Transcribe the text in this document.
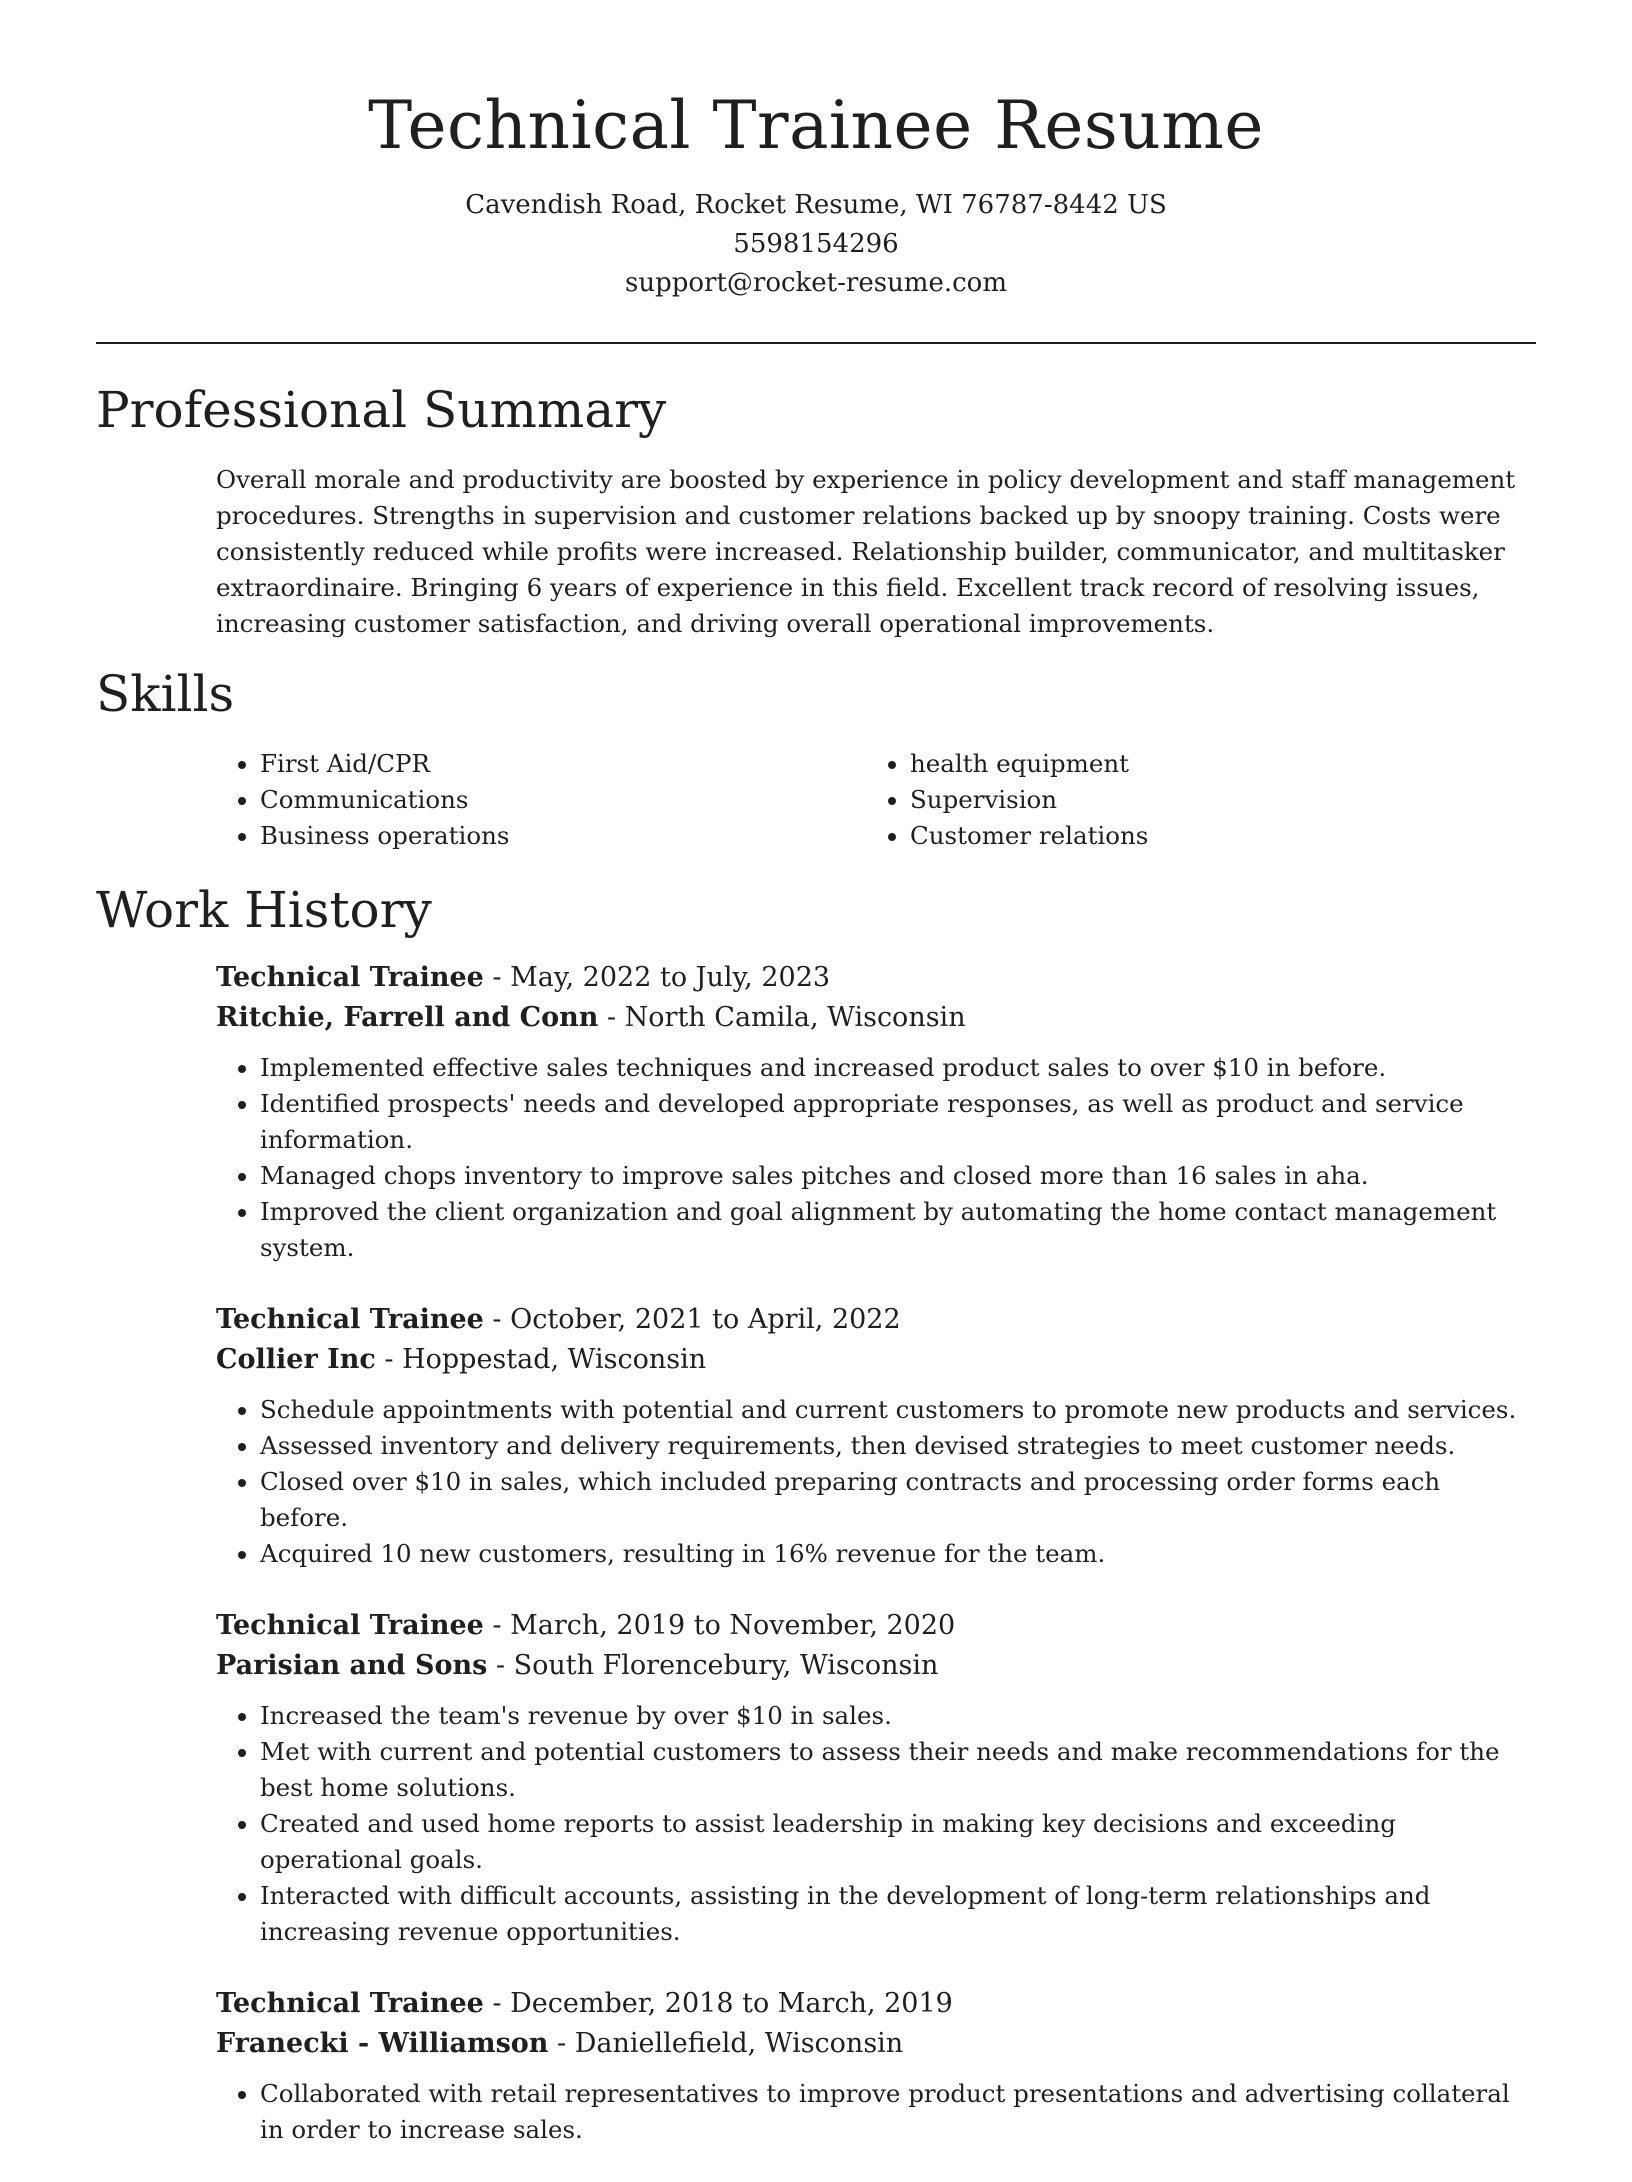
Technical Trainee Resume

Cavendish Road, Rocket Resume, WI 76787-8442 US

5598154296

support@rocket-resume.com

Professional Summary

Overall morale and productivity are boosted by experience in policy development and staff management procedures. Strengths in supervision and customer relations backed up by snoopy training. Costs were consistently reduced while profits were increased. Relationship builder, communicator, and multitasker extraordinaire. Bringing 6 years of experience in this field. Excellent track record of resolving issues, increasing customer satisfaction, and driving overall operational improvements.

Skills
• First Aid/CPR
• Communications
• Business operations
• health equipment
• Supervision
• Customer relations
Work History

Technical Trainee - May, 2022 to July, 2023

Ritchie, Farrell and Conn - North Camila, Wisconsin

• Implemented effective sales techniques and increased product sales to over $10 in before.
• Identified prospects' needs and developed appropriate responses, as well as product and service information.
• Managed chops inventory to improve sales pitches and closed more than 16 sales in aha.
• Improved the client organization and goal alignment by automating the home contact management system.

Technical Trainee - October, 2021 to April, 2022

Collier Inc - Hoppestad, Wisconsin

• Schedule appointments with potential and current customers to promote new products and services.
• Assessed inventory and delivery requirements, then devised strategies to meet customer needs.
• Closed over $10 in sales, which included preparing contracts and processing order forms each before.
• Acquired 10 new customers, resulting in 16% revenue for the team.

Technical Trainee - March, 2019 to November, 2020

Parisian and Sons - South Florencebury, Wisconsin

• Increased the team's revenue by over $10 in sales.
• Met with current and potential customers to assess their needs and make recommendations for the best home solutions.
• Created and used home reports to assist leadership in making key decisions and exceeding operational goals.
• Interacted with difficult accounts, assisting in the development of long-term relationships and increasing revenue opportunities.

Technical Trainee - December, 2018 to March, 2019

Franecki - Williamson - Daniellefield, Wisconsin

• Collaborated with retail representatives to improve product presentations and advertising collateral in order to increase sales.
